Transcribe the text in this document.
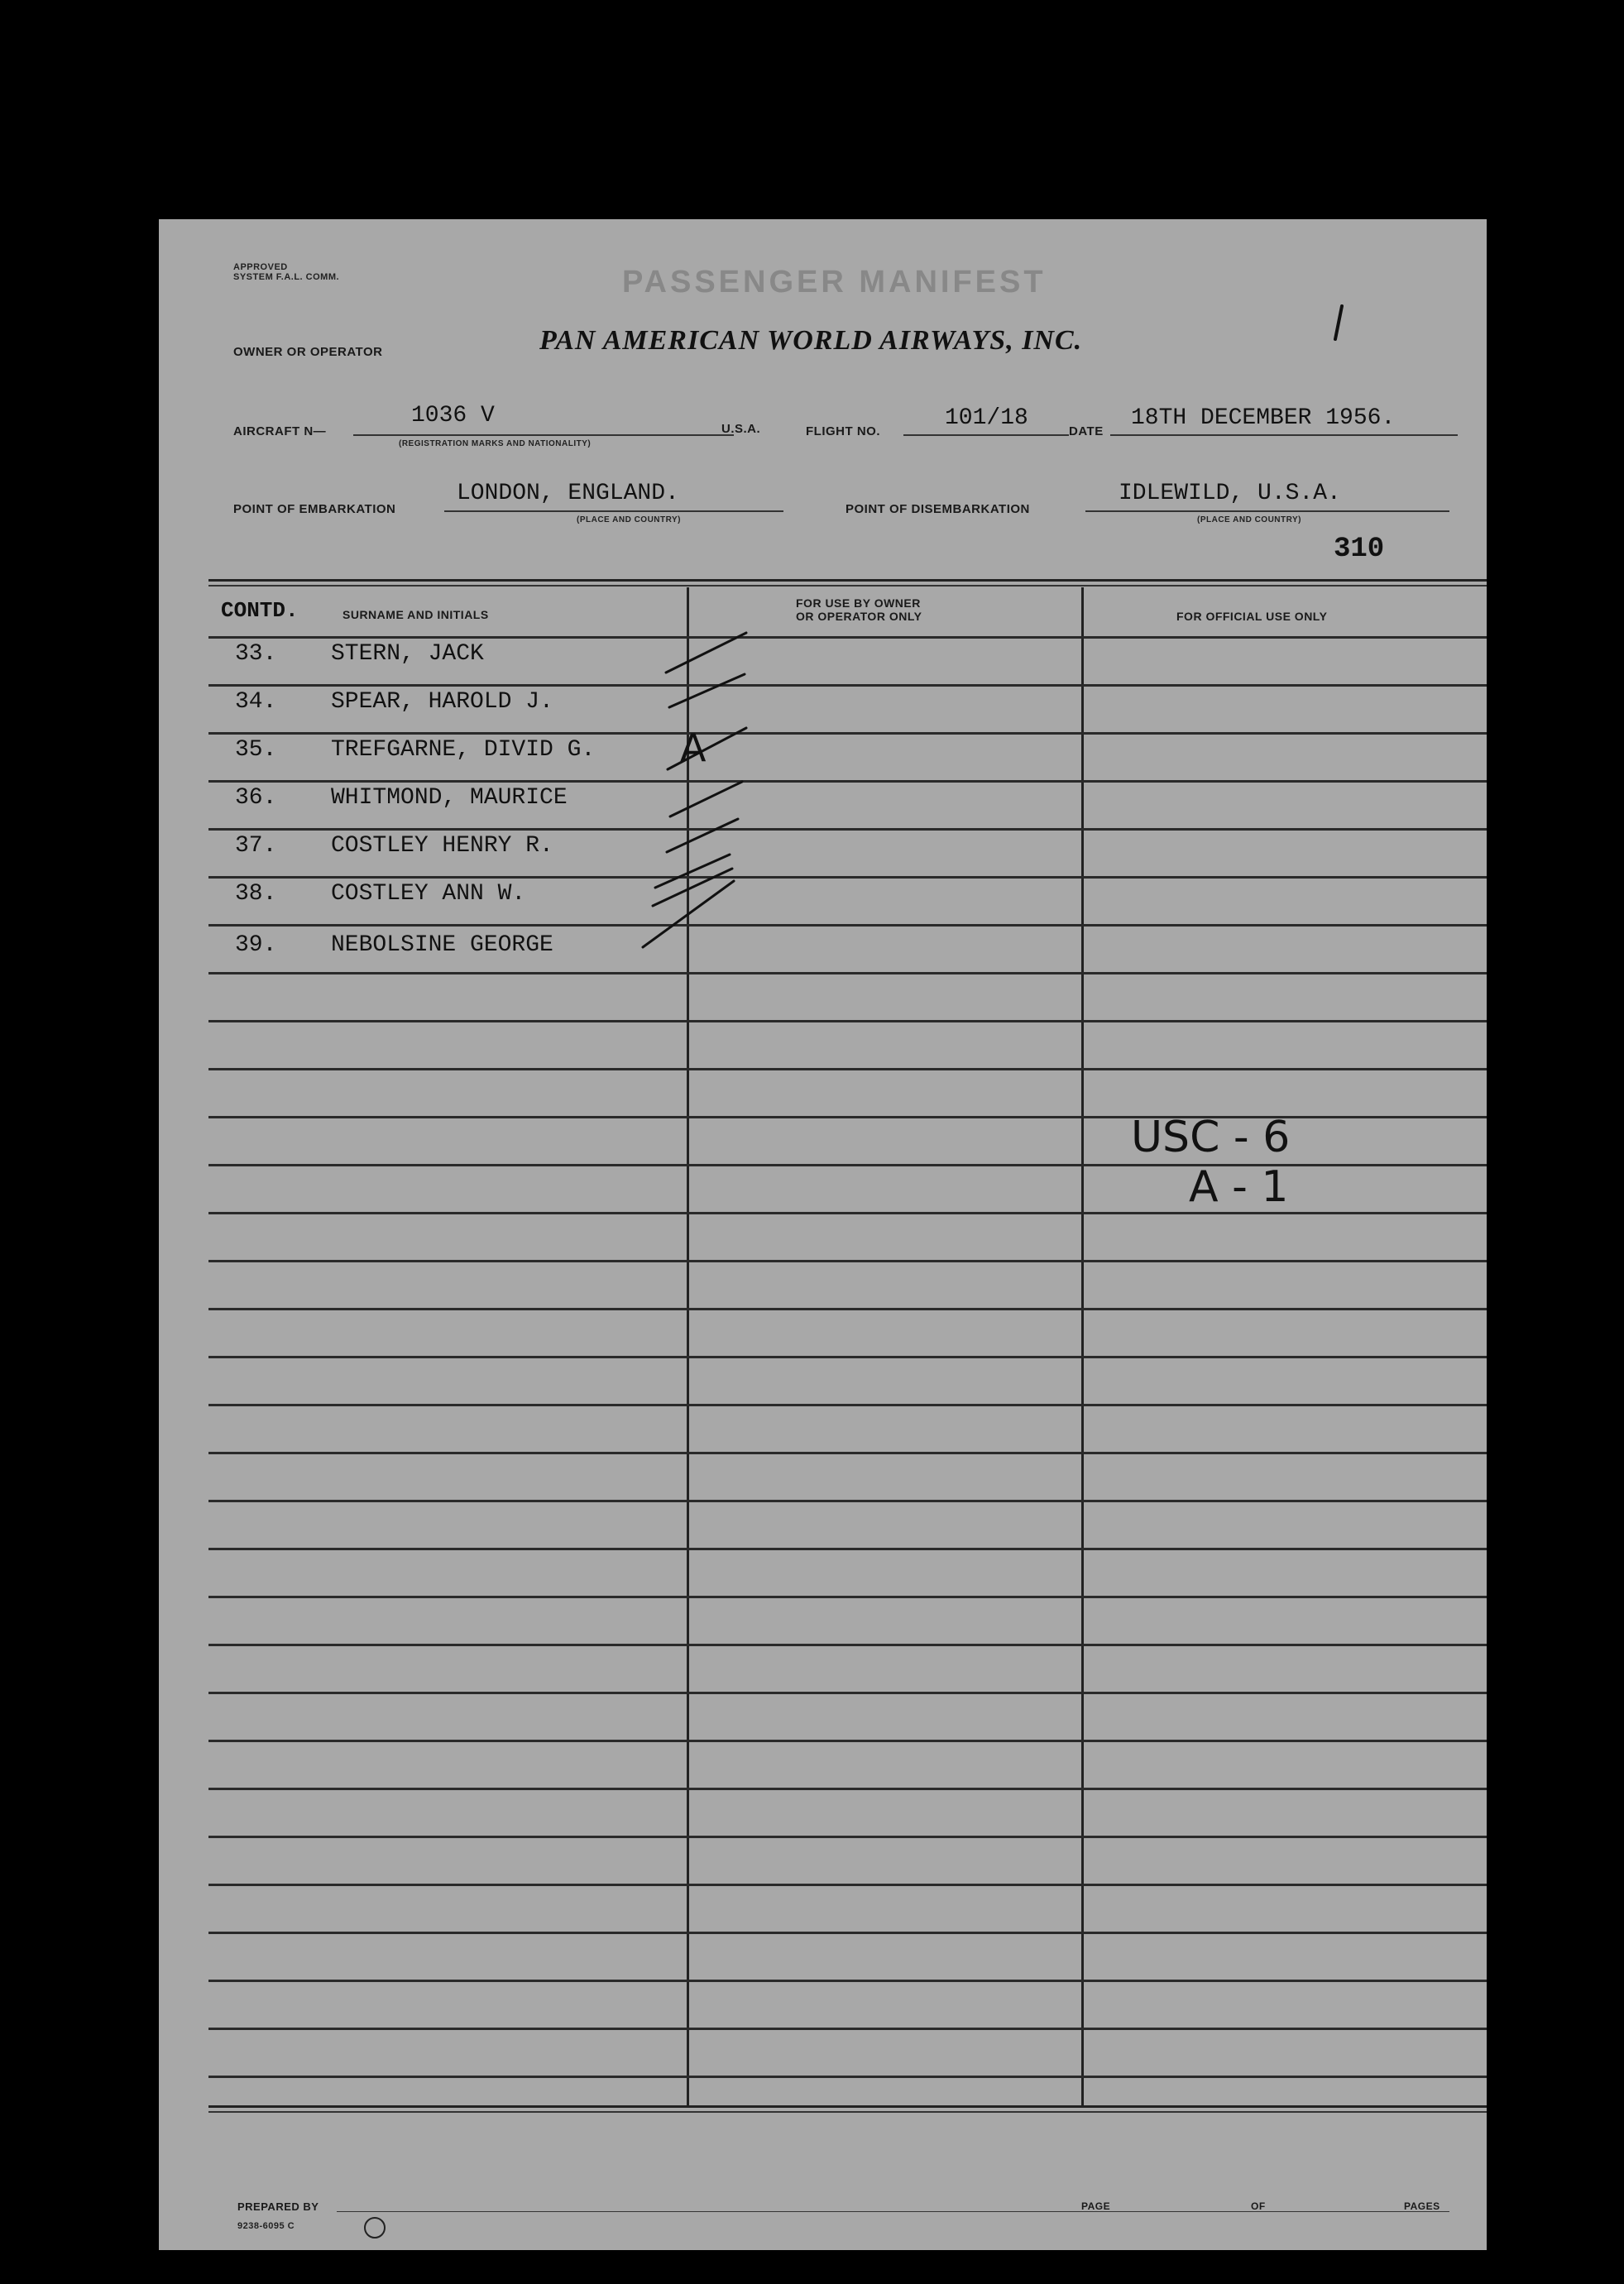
APPROVED
SYSTEM F.A.L. COMM.	PASSENGER MANIFEST
OWNER OR OPERATOR	PAN AMERICAN WORLD AIRWAYS, INC.
AIRCRAFT N—
1036 V
(REGISTRATION MARKS AND NATIONALITY)
U.S.A.	FLIGHT NO.
101/18
DATE
18TH DECEMBER 1956.
POINT OF EMBARKATION
LONDON, ENGLAND.
(PLACE AND COUNTRY)
POINT OF DISEMBARKATION
IDLEWILD, U.S.A.
(PLACE AND COUNTRY)
310
CONTD.	SURNAME AND INITIALS
FOR USE BY OWNER
OR OPERATOR ONLY	FOR OFFICIAL USE ONLY
33. STERN, JACK
34. SPEAR, HAROLD J.
35. TREFGARNE, DIVID G.
36. WHITMOND, MAURICE
37. COSTLEY HENRY R.
38. COSTLEY ANN W.
39. NEBOLSINE GEORGE
A
USC - 6
A - 1
PREPARED BY
9238-6095 C
PAGE	OF	PAGES
